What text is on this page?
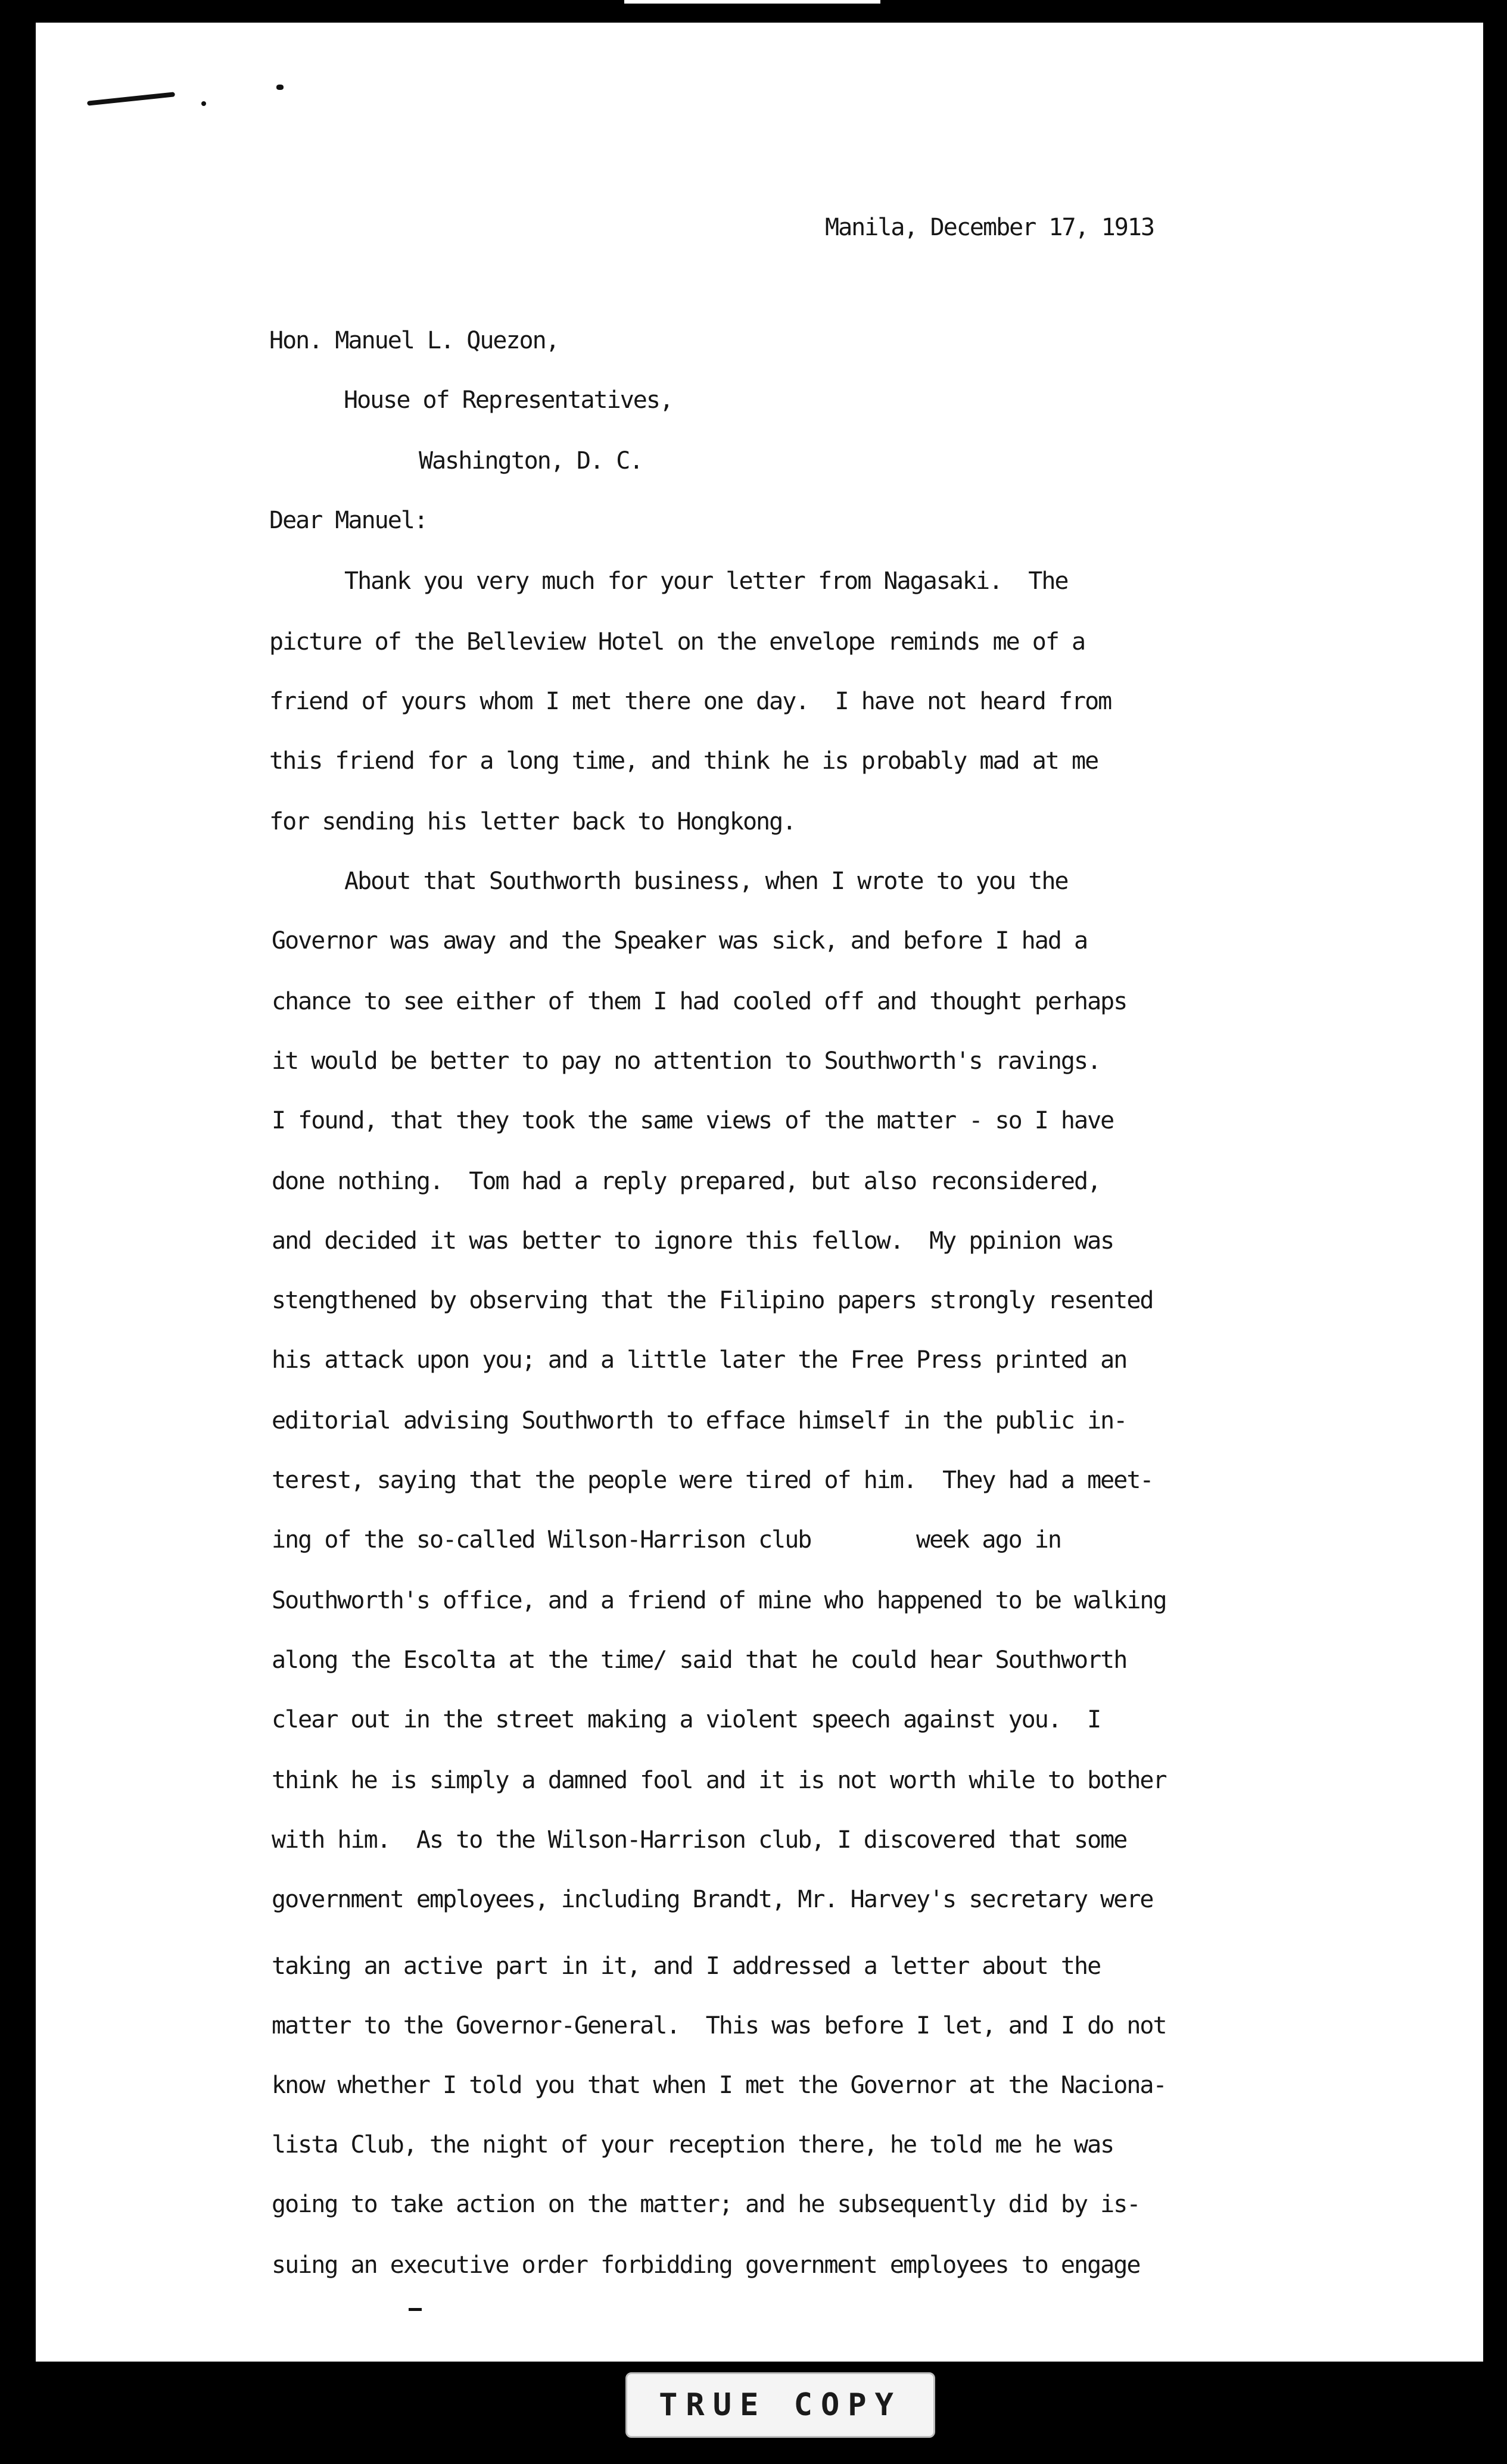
Manila, December 17, 1913

Hon. Manuel L. Quezon,

House of Representatives,

Washington, D. C.

Dear Manuel:

Thank you very much for your letter from Nagasaki.  The

picture of the Belleview Hotel on the envelope reminds me of a

friend of yours whom I met there one day.  I have not heard from

this friend for a long time, and think he is probably mad at me

for sending his letter back to Hongkong.

About that Southworth business, when I wrote to you the

Governor was away and the Speaker was sick, and before I had a

chance to see either of them I had cooled off and thought perhaps

it would be better to pay no attention to Southworth's ravings.

I found, that they took the same views of the matter - so I have

done nothing.  Tom had a reply prepared, but also reconsidered,

and decided it was better to ignore this fellow.  My ppinion was

stengthened by observing that the Filipino papers strongly resented

his attack upon you; and a little later the Free Press printed an

editorial advising Southworth to efface himself in the public in-

terest, saying that the people were tired of him.  They had a meet-

ing of the so-called Wilson-Harrison club        week ago in

Southworth's office, and a friend of mine who happened to be walking

along the Escolta at the time/ said that he could hear Southworth

clear out in the street making a violent speech against you.  I

think he is simply a damned fool and it is not worth while to bother

with him.  As to the Wilson-Harrison club, I discovered that some

government employees, including Brandt, Mr. Harvey's secretary were

taking an active part in it, and I addressed a letter about the

matter to the Governor-General.  This was before I let, and I do not

know whether I told you that when I met the Governor at the Naciona-

lista Club, the night of your reception there, he told me he was

going to take action on the matter; and he subsequently did by is-

suing an executive order forbidding government employees to engage

TRUE COPY
